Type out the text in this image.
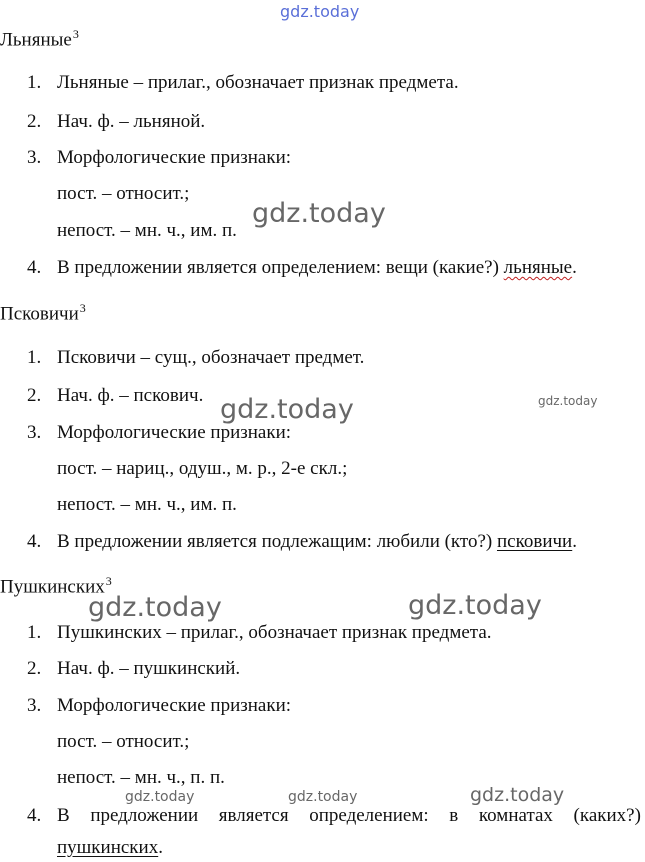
gdz.today
Льняные$^3$
1. Льняные – прилаг., обозначает признак предмета.
2. Нач. ф. – льняной.
3. Морфологические признаки:
пост. – относит.;
непост. – мн. ч., им. п.
4. В предложении является определением: вещи (какие?) льняные.
Псковичи$^3$
1. Псковичи – сущ., обозначает предмет.
2. Нач. ф. – пскович.
3. Морфологические признаки:
пост. – нариц., одуш., м. р., 2-е скл.;
непост. – мн. ч., им. п.
4. В предложении является подлежащим: любили (кто?) псковичи.
Пушкинских$^3$
1. Пушкинских – прилаг., обозначает признак предмета.
2. Нач. ф. – пушкинский.
3. Морфологические признаки:
пост. – относит.;
непост. – мн. ч., п. п.
4. В предложении является определением: в комнатах (каких?)
пушкинских.
gdz.today
gdz.today
gdz.today
gdz.today	gdz.today
gdz.today	gdz.today	gdz.today
